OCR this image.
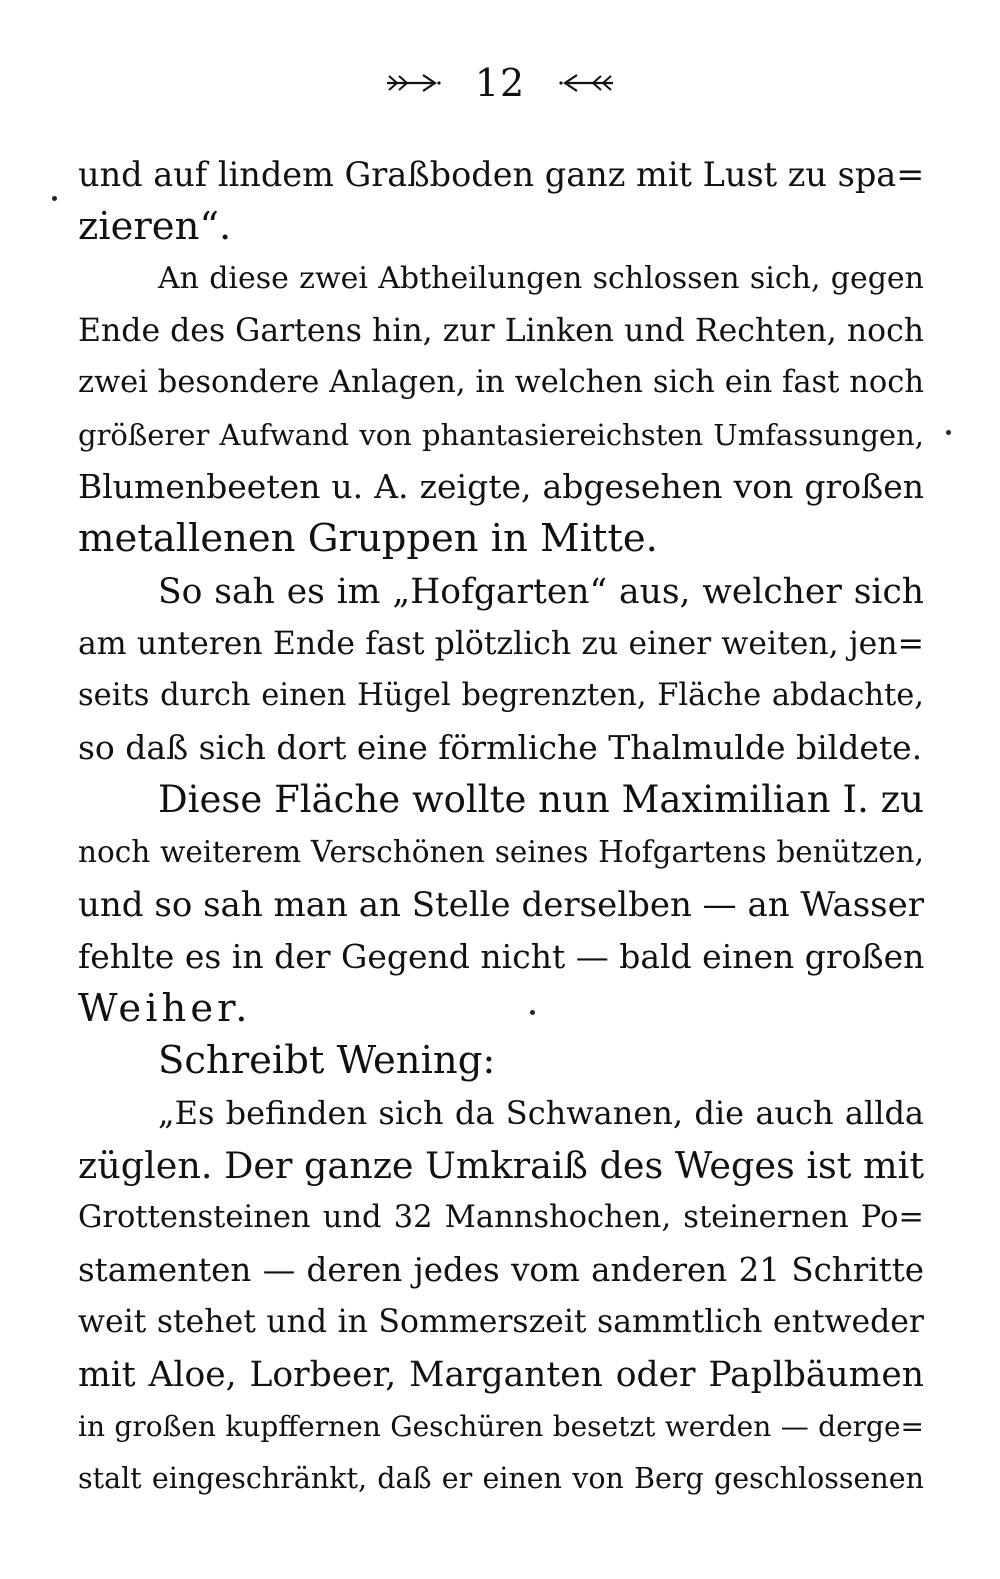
12
und auf lindem Graßboden ganz mit Lust zu spa=
zieren“.
An diese zwei Abtheilungen schlossen sich, gegen
Ende des Gartens hin, zur Linken und Rechten, noch
zwei besondere Anlagen, in welchen sich ein fast noch
größerer Aufwand von phantasiereichsten Umfassungen,
Blumenbeeten u. A. zeigte, abgesehen von großen
metallenen Gruppen in Mitte.
So sah es im „Hofgarten“ aus, welcher sich
am unteren Ende fast plötzlich zu einer weiten, jen=
seits durch einen Hügel begrenzten, Fläche abdachte,
so daß sich dort eine förmliche Thalmulde bildete.
Diese Fläche wollte nun Maximilian I. zu
noch weiterem Verschönen seines Hofgartens benützen,
und so sah man an Stelle derselben — an Wasser
fehlte es in der Gegend nicht — bald einen großen
Weiher.
Schreibt Wening:
„Es befinden sich da Schwanen, die auch allda
züglen. Der ganze Umkraiß des Weges ist mit
Grottensteinen und 32 Mannshochen, steinernen Po=
stamenten — deren jedes vom anderen 21 Schritte
weit stehet und in Sommerszeit sammtlich entweder
mit Aloe, Lorbeer, Marganten oder Paplbäumen
in großen kupffernen Geschüren besetzt werden — derge=
stalt eingeschränkt, daß er einen von Berg geschlossenen
